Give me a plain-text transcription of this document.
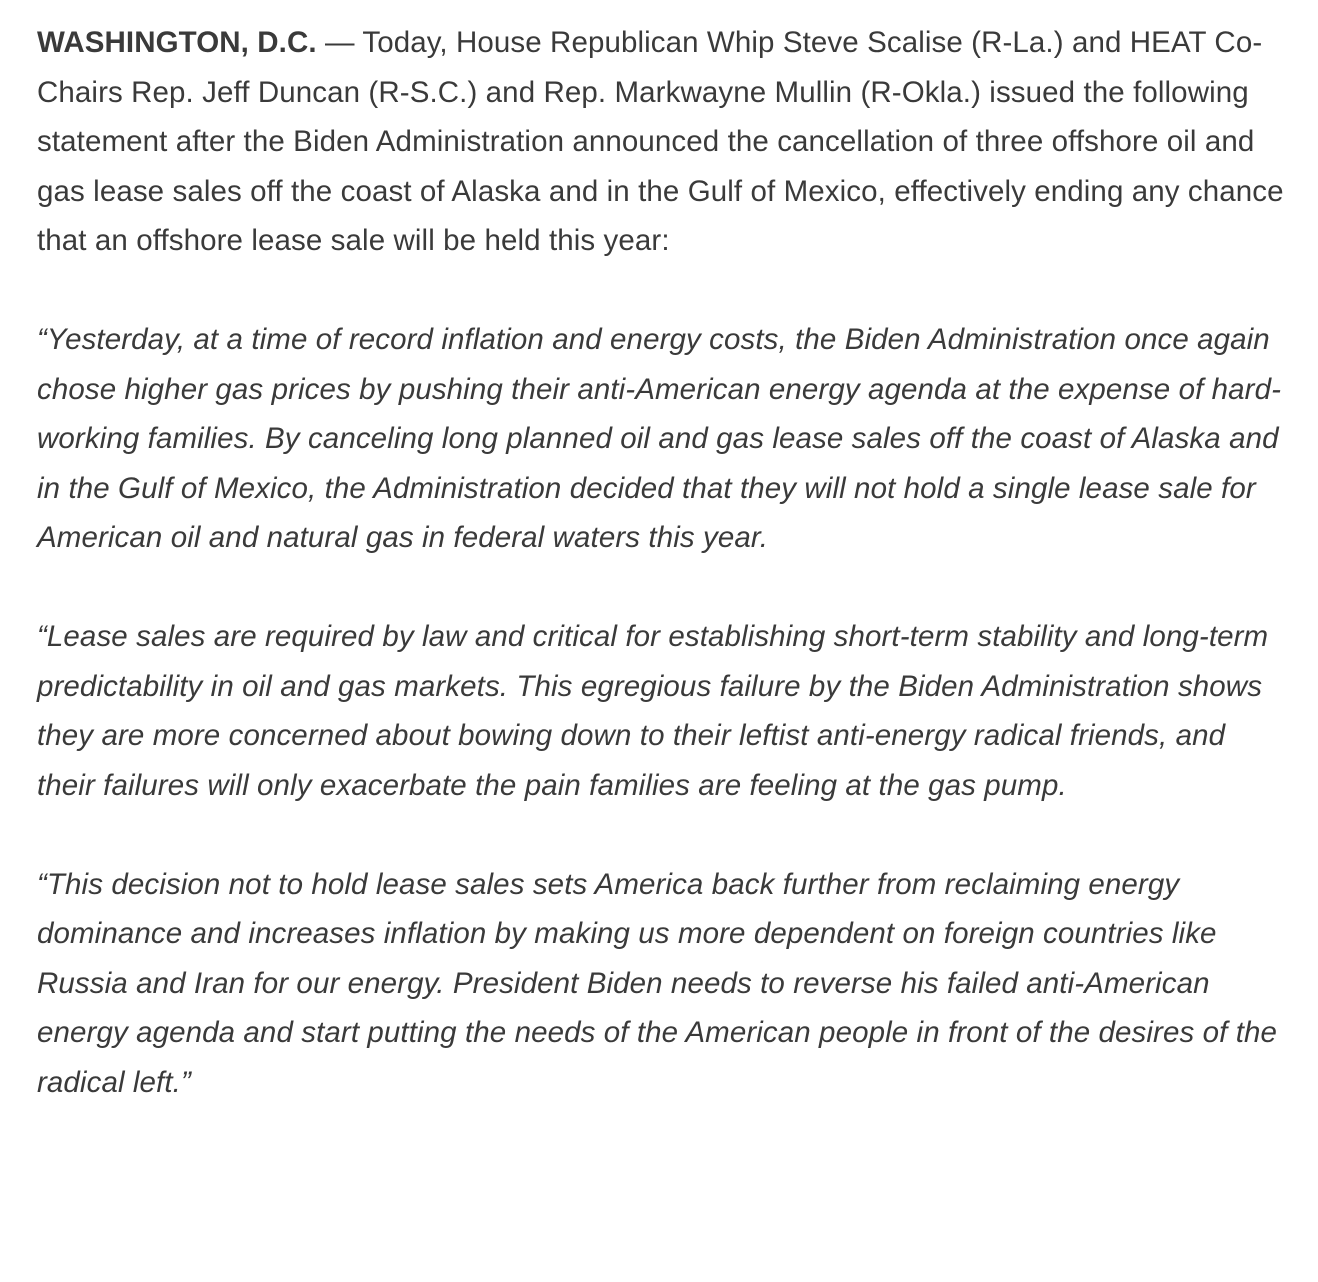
WASHINGTON, D.C. — Today, House Republican Whip Steve Scalise (R-La.) and HEAT Co-Chairs Rep. Jeff Duncan (R-S.C.) and Rep. Markwayne Mullin (R-Okla.) issued the following statement after the Biden Administration announced the cancellation of three offshore oil and gas lease sales off the coast of Alaska and in the Gulf of Mexico, effectively ending any chance that an offshore lease sale will be held this year:

“Yesterday, at a time of record inflation and energy costs, the Biden Administration once again chose higher gas prices by pushing their anti-American energy agenda at the expense of hard-working families. By canceling long planned oil and gas lease sales off the coast of Alaska and in the Gulf of Mexico, the Administration decided that they will not hold a single lease sale for American oil and natural gas in federal waters this year.

“Lease sales are required by law and critical for establishing short-term stability and long-term predictability in oil and gas markets. This egregious failure by the Biden Administration shows they are more concerned about bowing down to their leftist anti-energy radical friends, and their failures will only exacerbate the pain families are feeling at the gas pump.

“This decision not to hold lease sales sets America back further from reclaiming energy dominance and increases inflation by making us more dependent on foreign countries like Russia and Iran for our energy. President Biden needs to reverse his failed anti-American energy agenda and start putting the needs of the American people in front of the desires of the radical left.”
